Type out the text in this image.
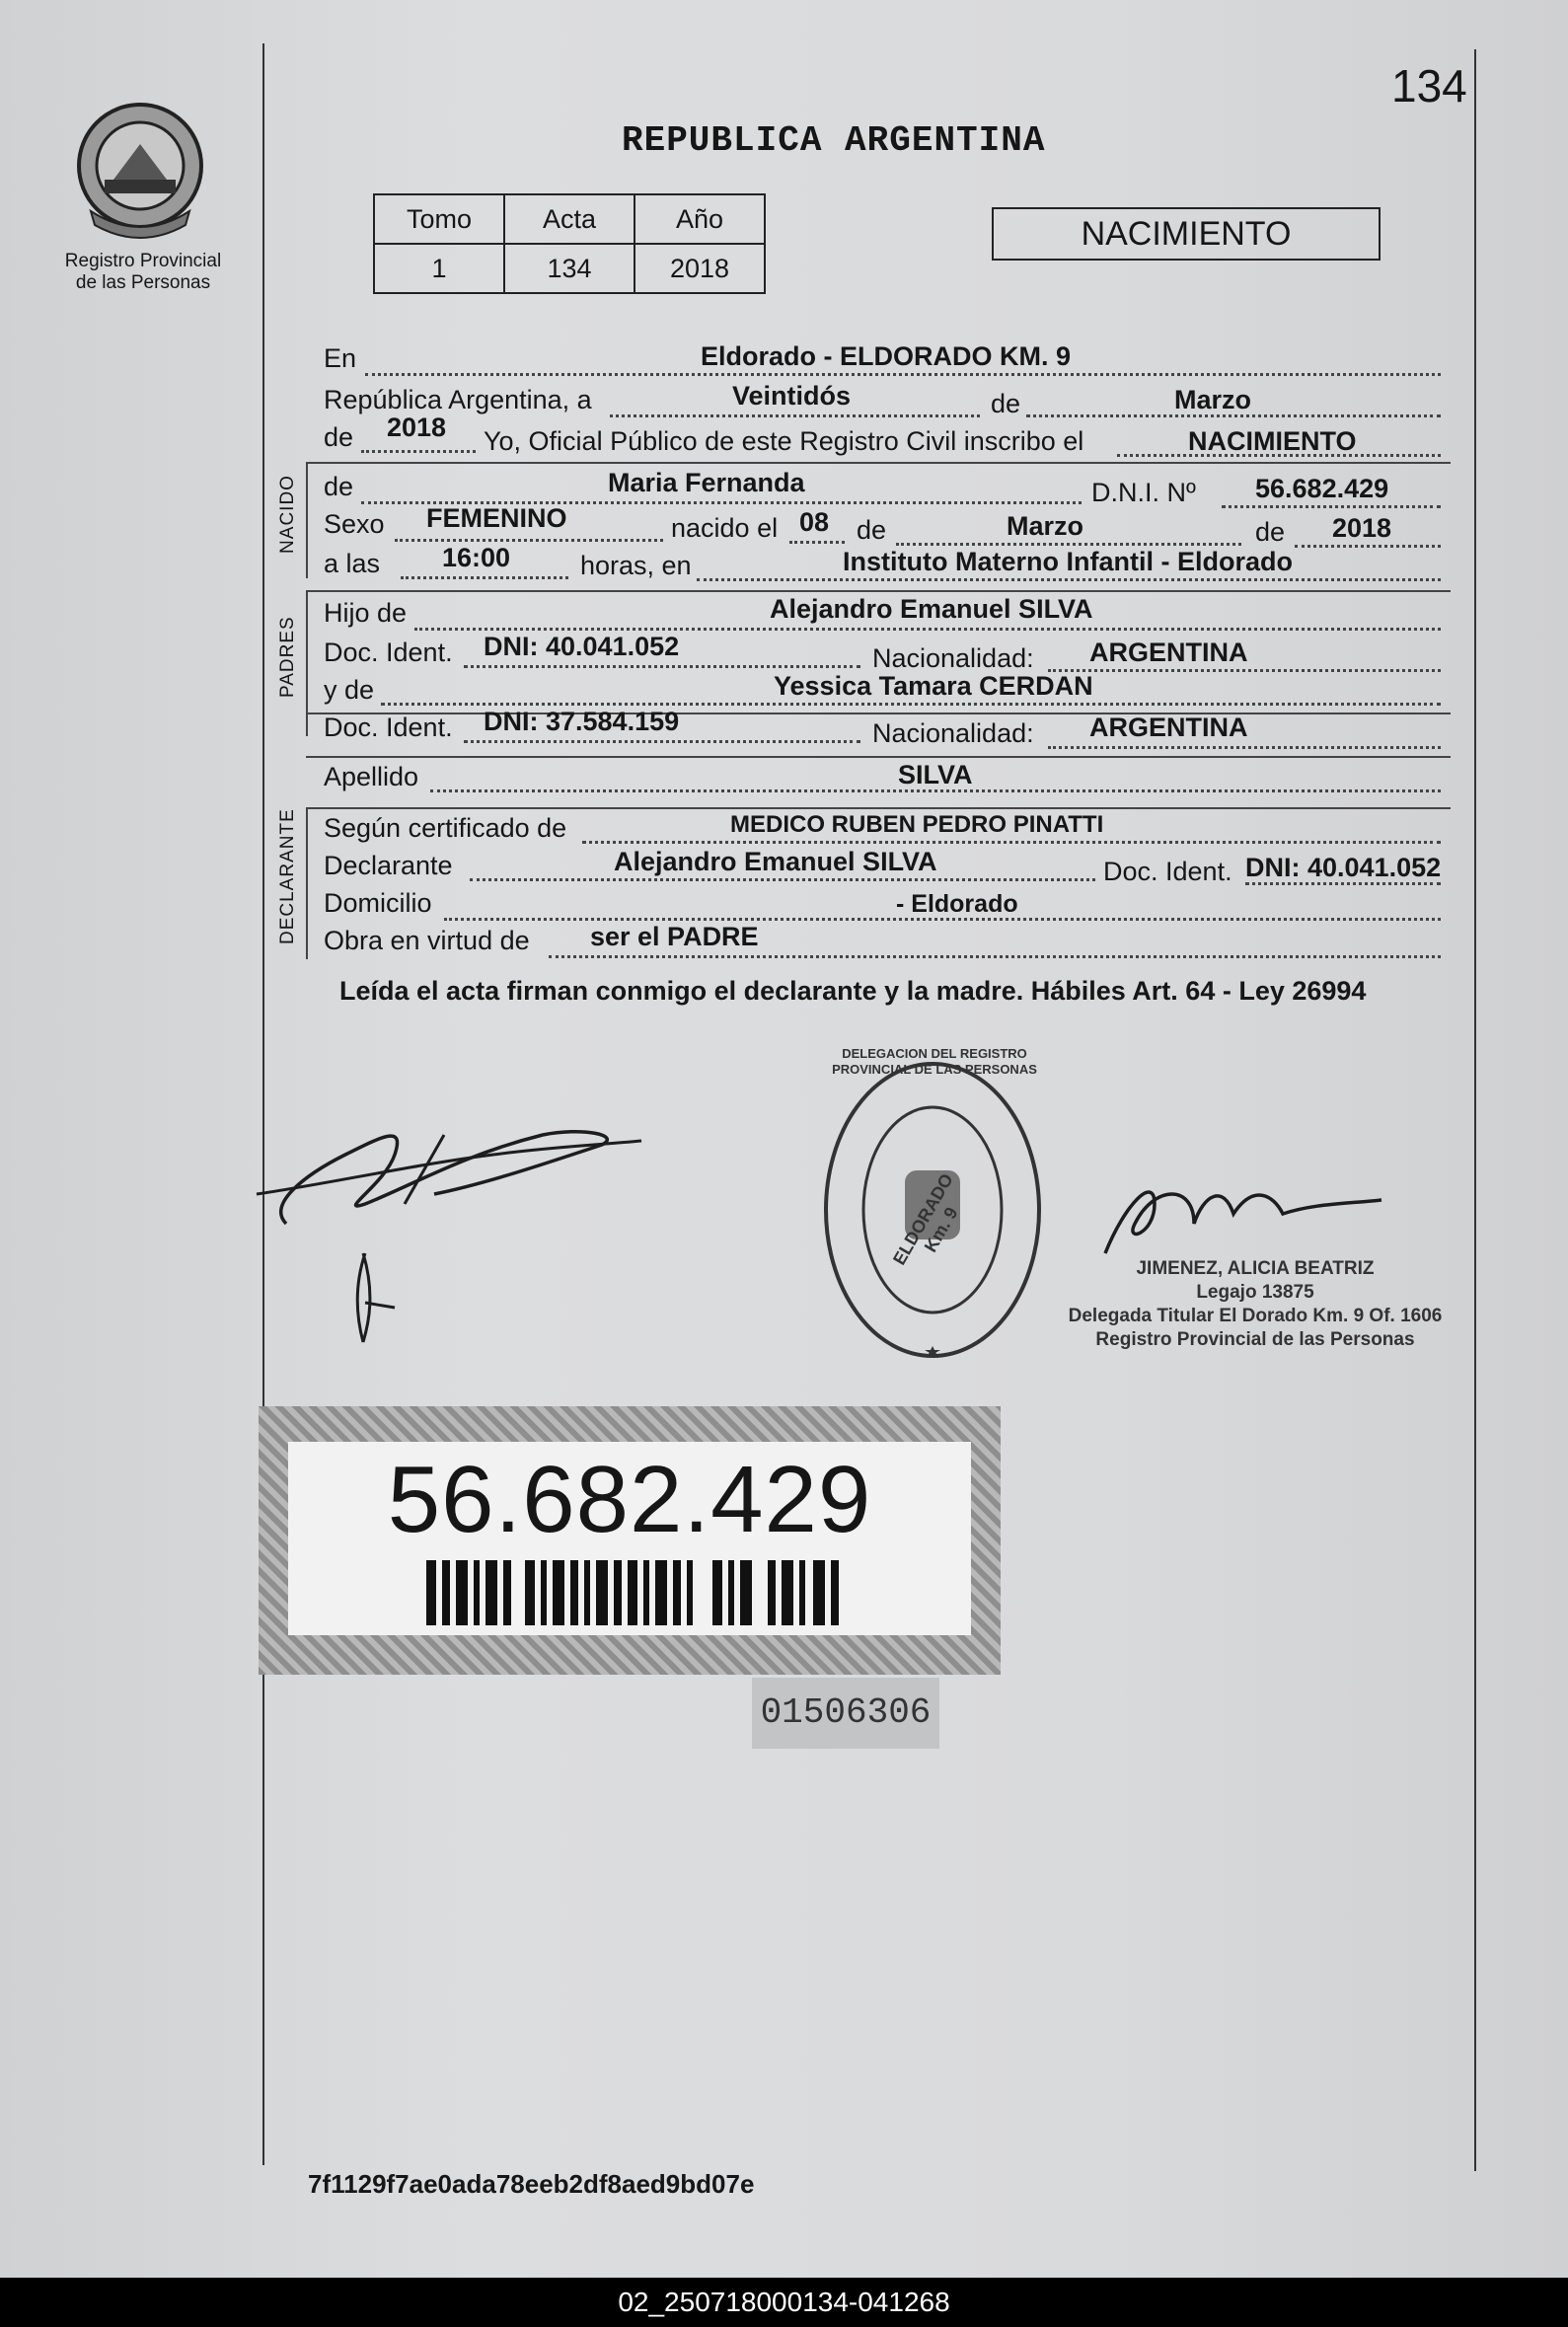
134
Registro Provincial
de las Personas
REPUBLICA ARGENTINA
Tomo	Acta	Año
1	134	2018
NACIMIENTO
En	Eldorado - ELDORADO KM. 9
República Argentina, a	Veintidós	de	Marzo
de 2018 Yo, Oficial Público de este Registro Civil inscribo el	NACIMIENTO
NACIDO de	Maria Fernanda	D.N.I. Nº 56.682.429
Sexo FEMENINO	nacido el 08 de	Marzo	de 2018
a las 16:00	horas, en	Instituto Materno Infantil - Eldorado
PADRES
Hijo de	Alejandro Emanuel SILVA
Doc. Ident. DNI: 40.041.052	Nacionalidad: ARGENTINA
y de	Yessica Tamara CERDAN
Doc. Ident. DNI: 37.584.159	Nacionalidad: ARGENTINA
Apellido	SILVA
DECLARANTE Según certificado de	MEDICO RUBEN PEDRO PINATTI
Declarante	Alejandro Emanuel SILVA	Doc. Ident. DNI: 40.041.052
Domicilio	- Eldorado
Obra en virtud de ser el PADRE
Leída el acta firman conmigo el declarante y la madre. Hábiles Art. 64 - Ley 26994
ELDORADO Km. 9
DELEGACION DEL REGISTRO PROVINCIAL DE LAS PERSONAS
JIMENEZ, ALICIA BEATRIZ
Legajo 13875
Delegada Titular El Dorado Km. 9 Of. 1606
Registro Provincial de las Personas
56.682.429
01506306
7f1129f7ae0ada78eeb2df8aed9bd07e
02_250718000134-041268
